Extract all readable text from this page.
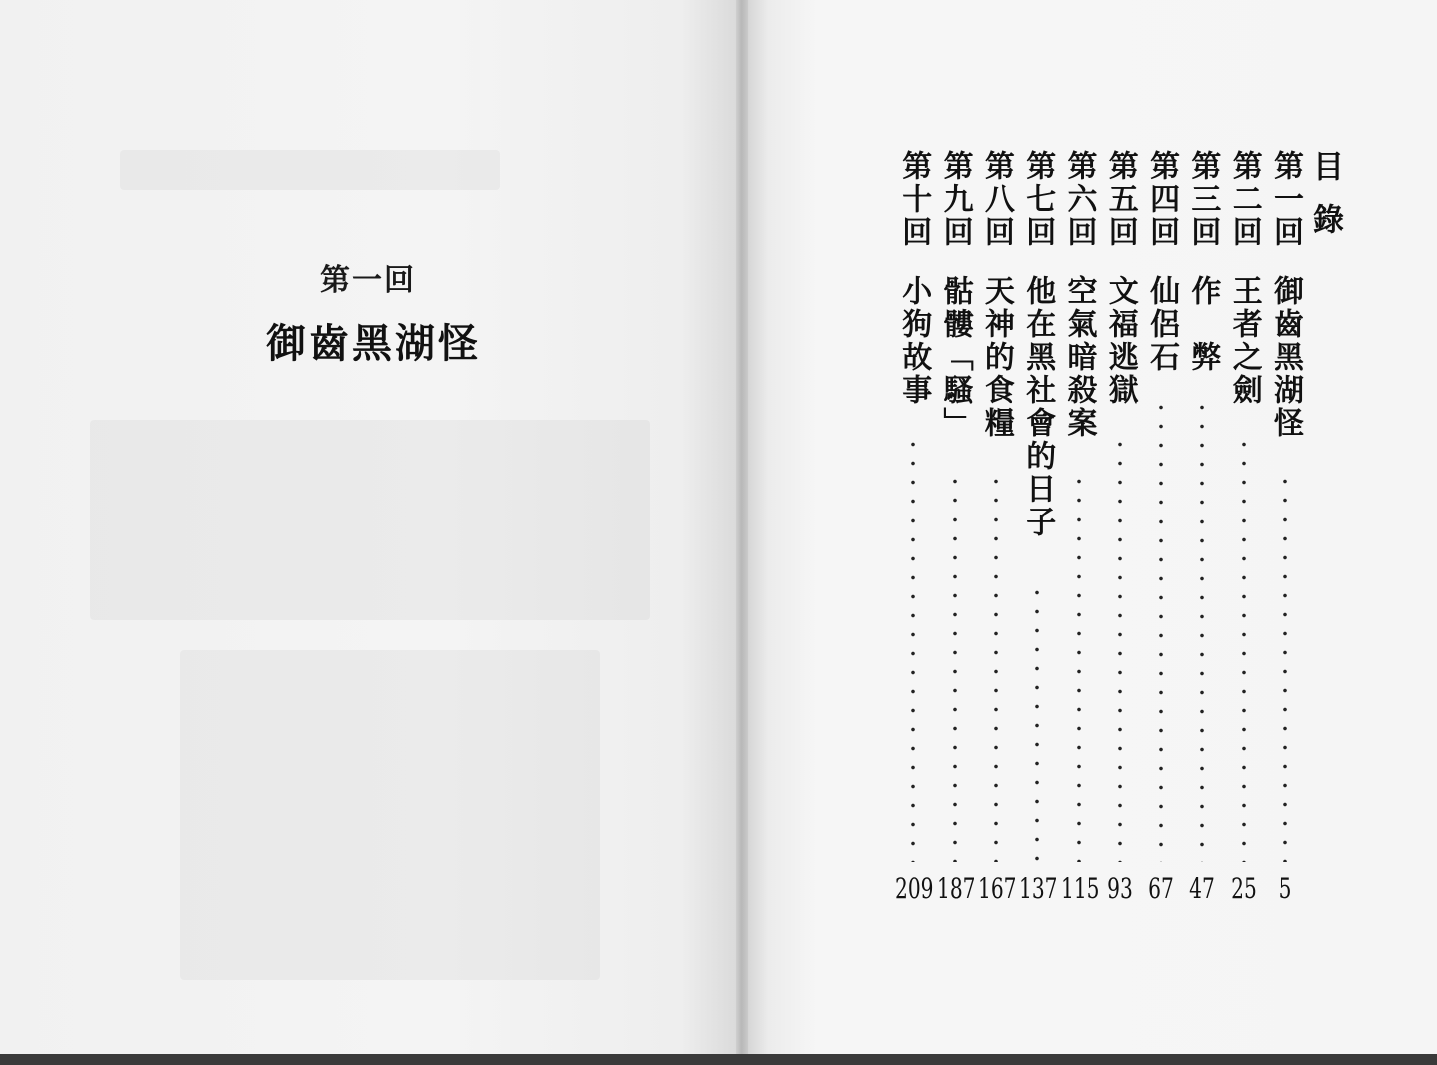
第一回
御齒黑湖怪
目錄
第一回
御齒黑湖怪
5
第二回
王者之劍
25
第三回
作　弊
47
第四回
仙侶石
67
第五回
文福逃獄
93
第六回
空氣暗殺案
115
第七回
他在黑社會的日子
137
第八回
天神的食糧
167
第九回
骷髏「騷」
187
第十回
小狗故事
209
